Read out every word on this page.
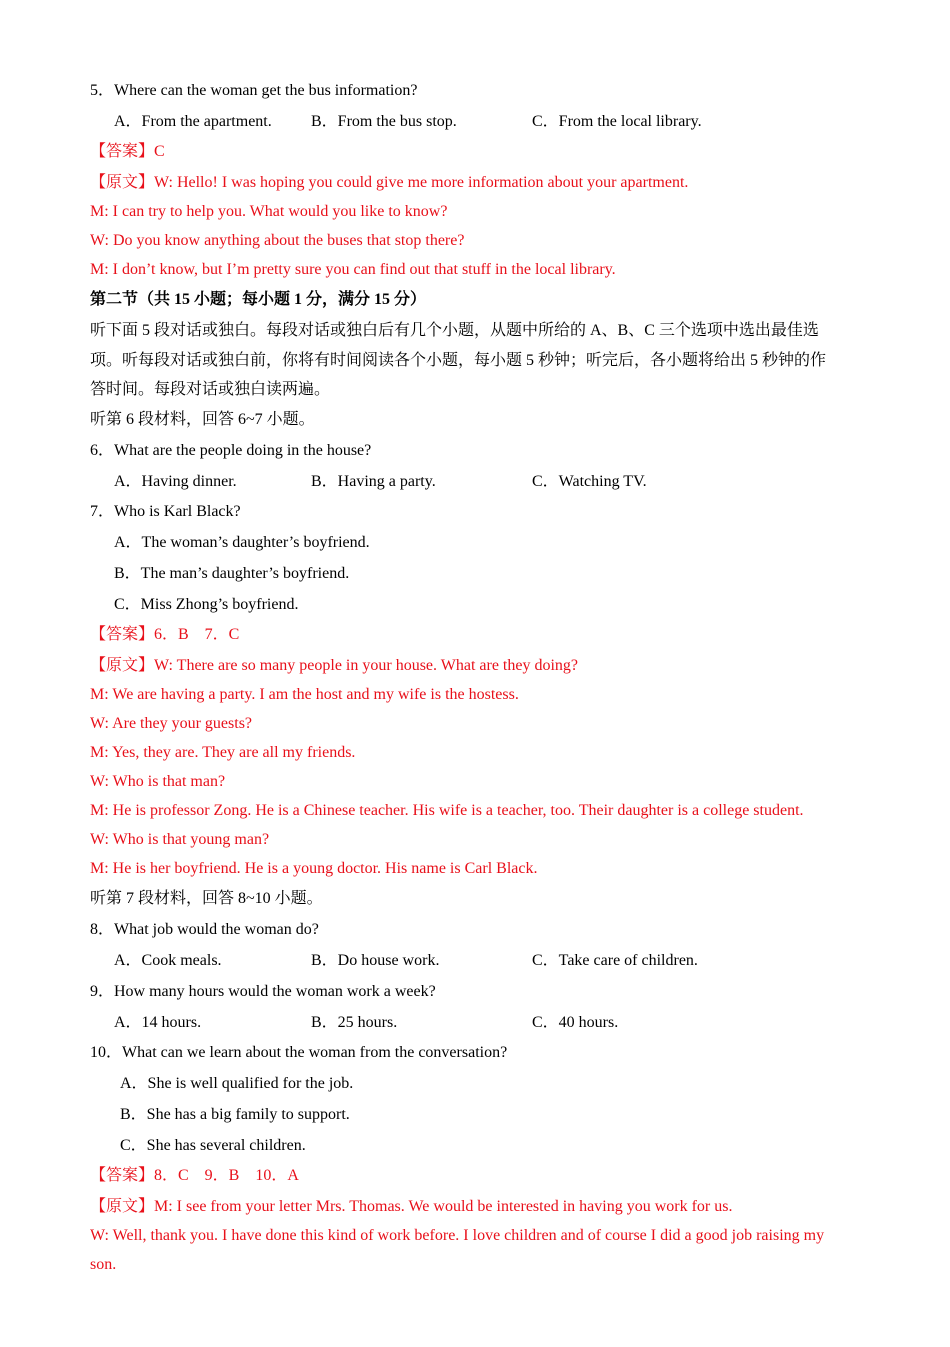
5．Where can the woman get the bus information?
A．From the apartment. B．From the bus stop.	C．From the local library.
【答案】C
【原文】W: Hello! I was hoping you could give me more information about your apartment.
M: I can try to help you. What would you like to know?
W: Do you know anything about the buses that stop there?
M: I don’t know, but I’m pretty sure you can find out that stuff in the local library.
第二节（共 15 小题；每小题 1 分，满分 15 分）
听下面 5 段对话或独白。每段对话或独白后有几个小题，从题中所给的 A、B、C 三个选项中选出最佳选
项。听每段对话或独白前，你将有时间阅读各个小题，每小题 5 秒钟；听完后，各小题将给出 5 秒钟的作
答时间。每段对话或独白读两遍。
听第 6 段材料，回答 6~7 小题。
6．What are the people doing in the house?
A．Having dinner.	B．Having a party.	C．Watching TV.
7．Who is Karl Black?
A．The woman’s daughter’s boyfriend.
B．The man’s daughter’s boyfriend.
C．Miss Zhong’s boyfriend.
【答案】6．B　7．C
【原文】W: There are so many people in your house. What are they doing?
M: We are having a party. I am the host and my wife is the hostess.
W: Are they your guests?
M: Yes, they are. They are all my friends.
W: Who is that man?
M: He is professor Zong. He is a Chinese teacher. His wife is a teacher, too. Their daughter is a college student.
W: Who is that young man?
M: He is her boyfriend. He is a young doctor. His name is Carl Black.
听第 7 段材料，回答 8~10 小题。
8．What job would the woman do?
A．Cook meals.	B．Do house work.	C．Take care of children.
9．How many hours would the woman work a week?
A．14 hours.	B．25 hours.	C．40 hours.
10．What can we learn about the woman from the conversation?
A．She is well qualified for the job.
B．She has a big family to support.
C．She has several children.
【答案】8．C　9．B　10．A
【原文】M: I see from your letter Mrs. Thomas. We would be interested in having you work for us.
W: Well, thank you. I have done this kind of work before. I love children and of course I did a good job raising my
son.
